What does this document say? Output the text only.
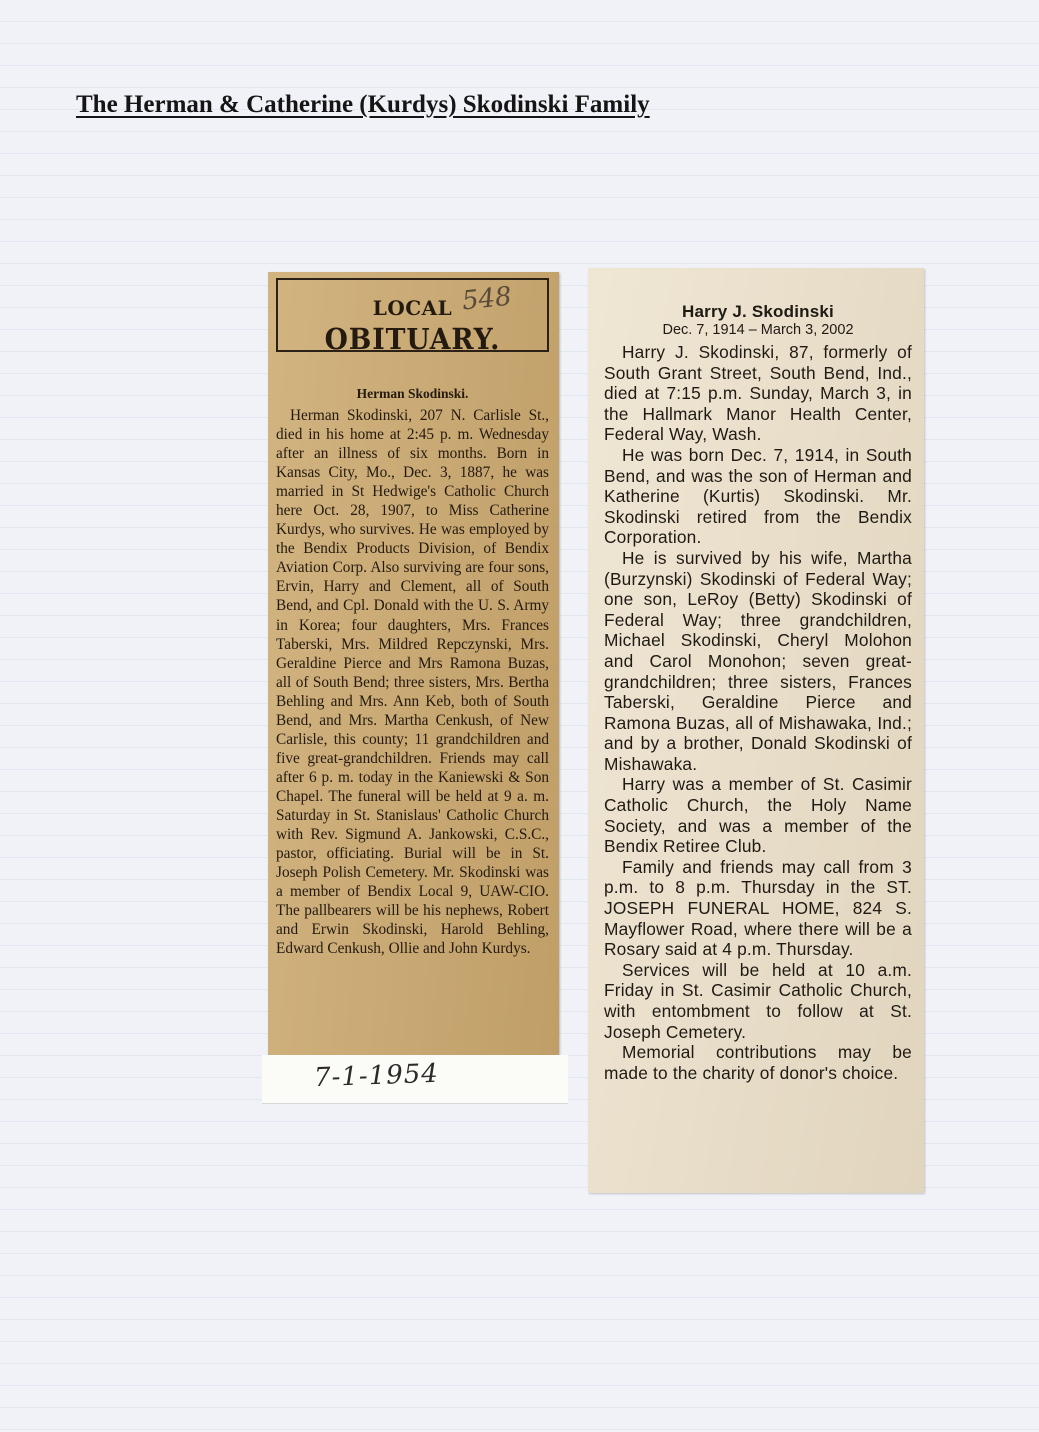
The Herman & Catherine (Kurdys) Skodinski Family
LOCAL 548
OBITUARY.
Herman Skodinski.

Herman Skodinski, 207 N. Carlisle St., died in his home at 2:45 p. m. Wednesday after an illness of six months. Born in Kansas City, Mo., Dec. 3, 1887, he was married in St Hedwige's Catholic Church here Oct. 28, 1907, to Miss Catherine Kurdys, who survives. He was employed by the Bendix Products Division, of Bendix Aviation Corp. Also surviving are four sons, Ervin, Harry and Clement, all of South Bend, and Cpl. Donald with the U. S. Army in Korea; four daughters, Mrs. Frances Taberski, Mrs. Mildred Repczynski, Mrs. Geraldine Pierce and Mrs Ramona Buzas, all of South Bend; three sisters, Mrs. Bertha Behling and Mrs. Ann Keb, both of South Bend, and Mrs. Martha Cenkush, of New Carlisle, this county; 11 grandchildren and five great-grandchildren. Friends may call after 6 p. m. today in the Kaniewski & Son Chapel. The funeral will be held at 9 a. m. Saturday in St. Stanislaus' Catholic Church with Rev. Sigmund A. Jankowski, C.S.C., pastor, officiating. Burial will be in St. Joseph Polish Cemetery. Mr. Skodinski was a member of Bendix Local 9, UAW-CIO. The pallbearers will be his nephews, Robert and Erwin Skodinski, Harold Behling, Edward Cenkush, Ollie and John Kurdys.

7-1-1954
Harry J. Skodinski
Dec. 7, 1914 – March 3, 2002

Harry J. Skodinski, 87, formerly of South Grant Street, South Bend, Ind., died at 7:15 p.m. Sunday, March 3, in the Hallmark Manor Health Center, Federal Way, Wash.

He was born Dec. 7, 1914, in South Bend, and was the son of Herman and Katherine (Kurtis) Skodinski. Mr. Skodinski retired from the Bendix Corporation.

He is survived by his wife, Martha (Burzynski) Skodinski of Federal Way; one son, LeRoy (Betty) Skodinski of Federal Way; three grandchildren, Michael Skodinski, Cheryl Molohon and Carol Monohon; seven great-grandchildren; three sisters, Frances Taberski, Geraldine Pierce and Ramona Buzas, all of Mishawaka, Ind.; and by a brother, Donald Skodinski of Mishawaka.

Harry was a member of St. Casimir Catholic Church, the Holy Name Society, and was a member of the Bendix Retiree Club.

Family and friends may call from 3 p.m. to 8 p.m. Thursday in the ST. JOSEPH FUNERAL HOME, 824 S. Mayflower Road, where there will be a Rosary said at 4 p.m. Thursday.

Services will be held at 10 a.m. Friday in St. Casimir Catholic Church, with entombment to follow at St. Joseph Cemetery.

Memorial contributions may be made to the charity of donor's choice.
